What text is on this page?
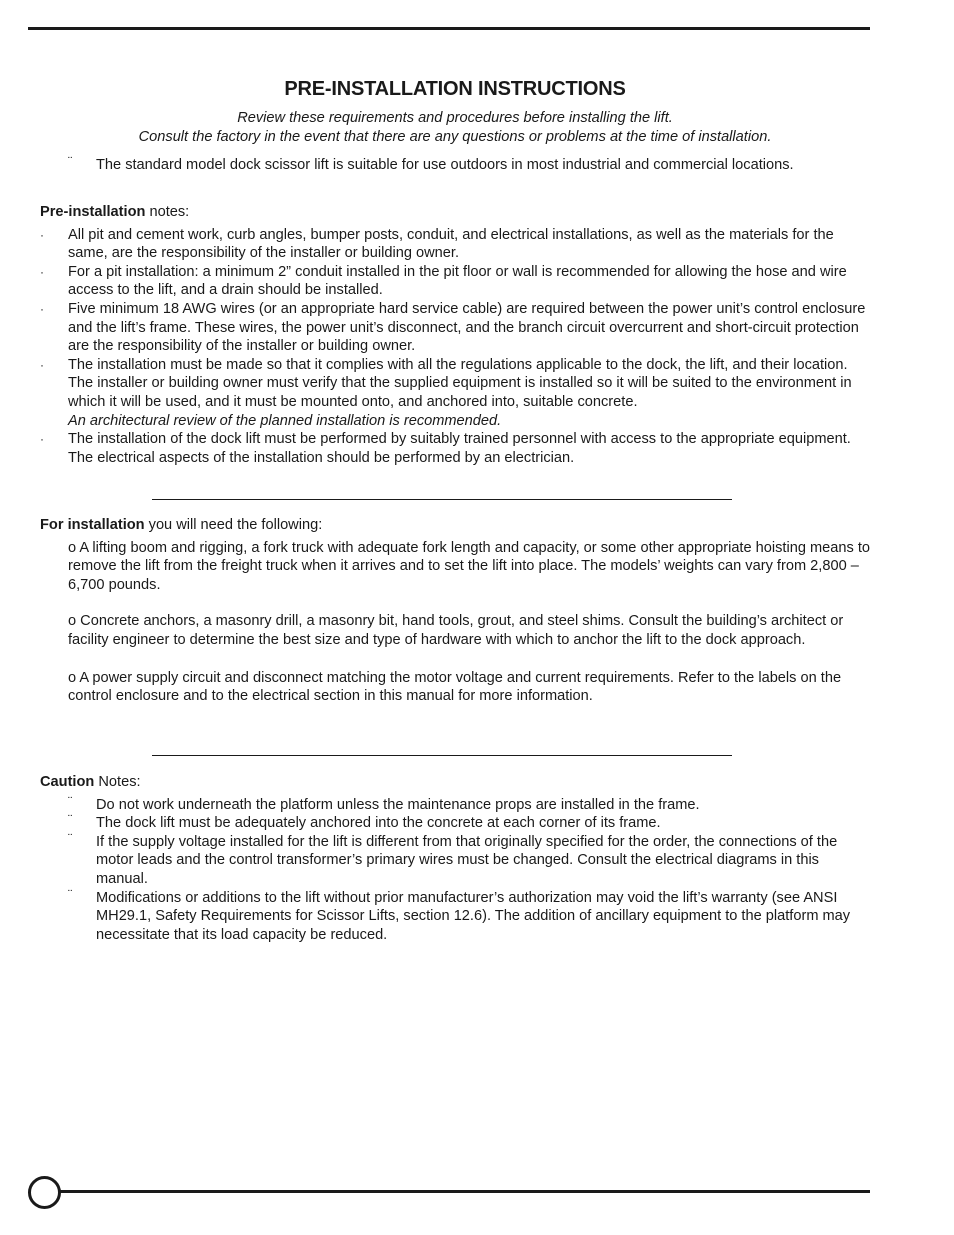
PRE-INSTALLATION INSTRUCTIONS
Review these requirements and procedures before installing the lift.
Consult the factory in the event that there are any questions or problems at the time of installation.
¨ The standard model dock scissor lift is suitable for use outdoors in most industrial and commercial locations.

Pre-installation notes:

· All pit and cement work, curb angles, bumper posts, conduit, and electrical installations, as well as the materials for the same, are the responsibility of the installer or building owner.
· For a pit installation: a minimum 2” conduit installed in the pit floor or wall is recommended for allowing the hose and wire access to the lift, and a drain should be installed.
· Five minimum 18 AWG wires (or an appropriate hard service cable) are required between the power unit’s control enclosure and the lift’s frame. These wires, the power unit’s disconnect, and the branch circuit overcurrent and short-circuit protection are the responsibility of the installer or building owner.
· The installation must be made so that it complies with all the regulations applicable to the dock, the lift, and their location. The installer or building owner must verify that the supplied equipment is installed so it will be suited to the environment in which it will be used, and it must be mounted onto, and anchored into, suitable concrete.
An architectural review of the planned installation is recommended.
· The installation of the dock lift must be performed by suitably trained personnel with access to the appropriate equipment. The electrical aspects of the installation should be performed by an electrician.

For installation you will need the following:

o A lifting boom and rigging, a fork truck with adequate fork length and capacity, or some other appropriate hoisting means to remove the lift from the freight truck when it arrives and to set the lift into place. The models’ weights can vary from 2,800 – 6,700 pounds.

o Concrete anchors, a masonry drill, a masonry bit, hand tools, grout, and steel shims. Consult the building’s architect or facility engineer to determine the best size and type of hardware with which to anchor the lift to the dock approach.

o A power supply circuit and disconnect matching the motor voltage and current requirements. Refer to the labels on the control enclosure and to the electrical section in this manual for more information.

Caution Notes:

¨ Do not work underneath the platform unless the maintenance props are installed in the frame.
¨ The dock lift must be adequately anchored into the concrete at each corner of its frame.
¨ If the supply voltage installed for the lift is different from that originally specified for the order, the connections of the motor leads and the control transformer’s primary wires must be changed. Consult the electrical diagrams in this manual.
¨ Modifications or additions to the lift without prior manufacturer’s authorization may void the lift’s warranty (see ANSI MH29.1, Safety Requirements for Scissor Lifts, section 12.6). The addition of ancillary equipment to the platform may necessitate that its load capacity be reduced.
